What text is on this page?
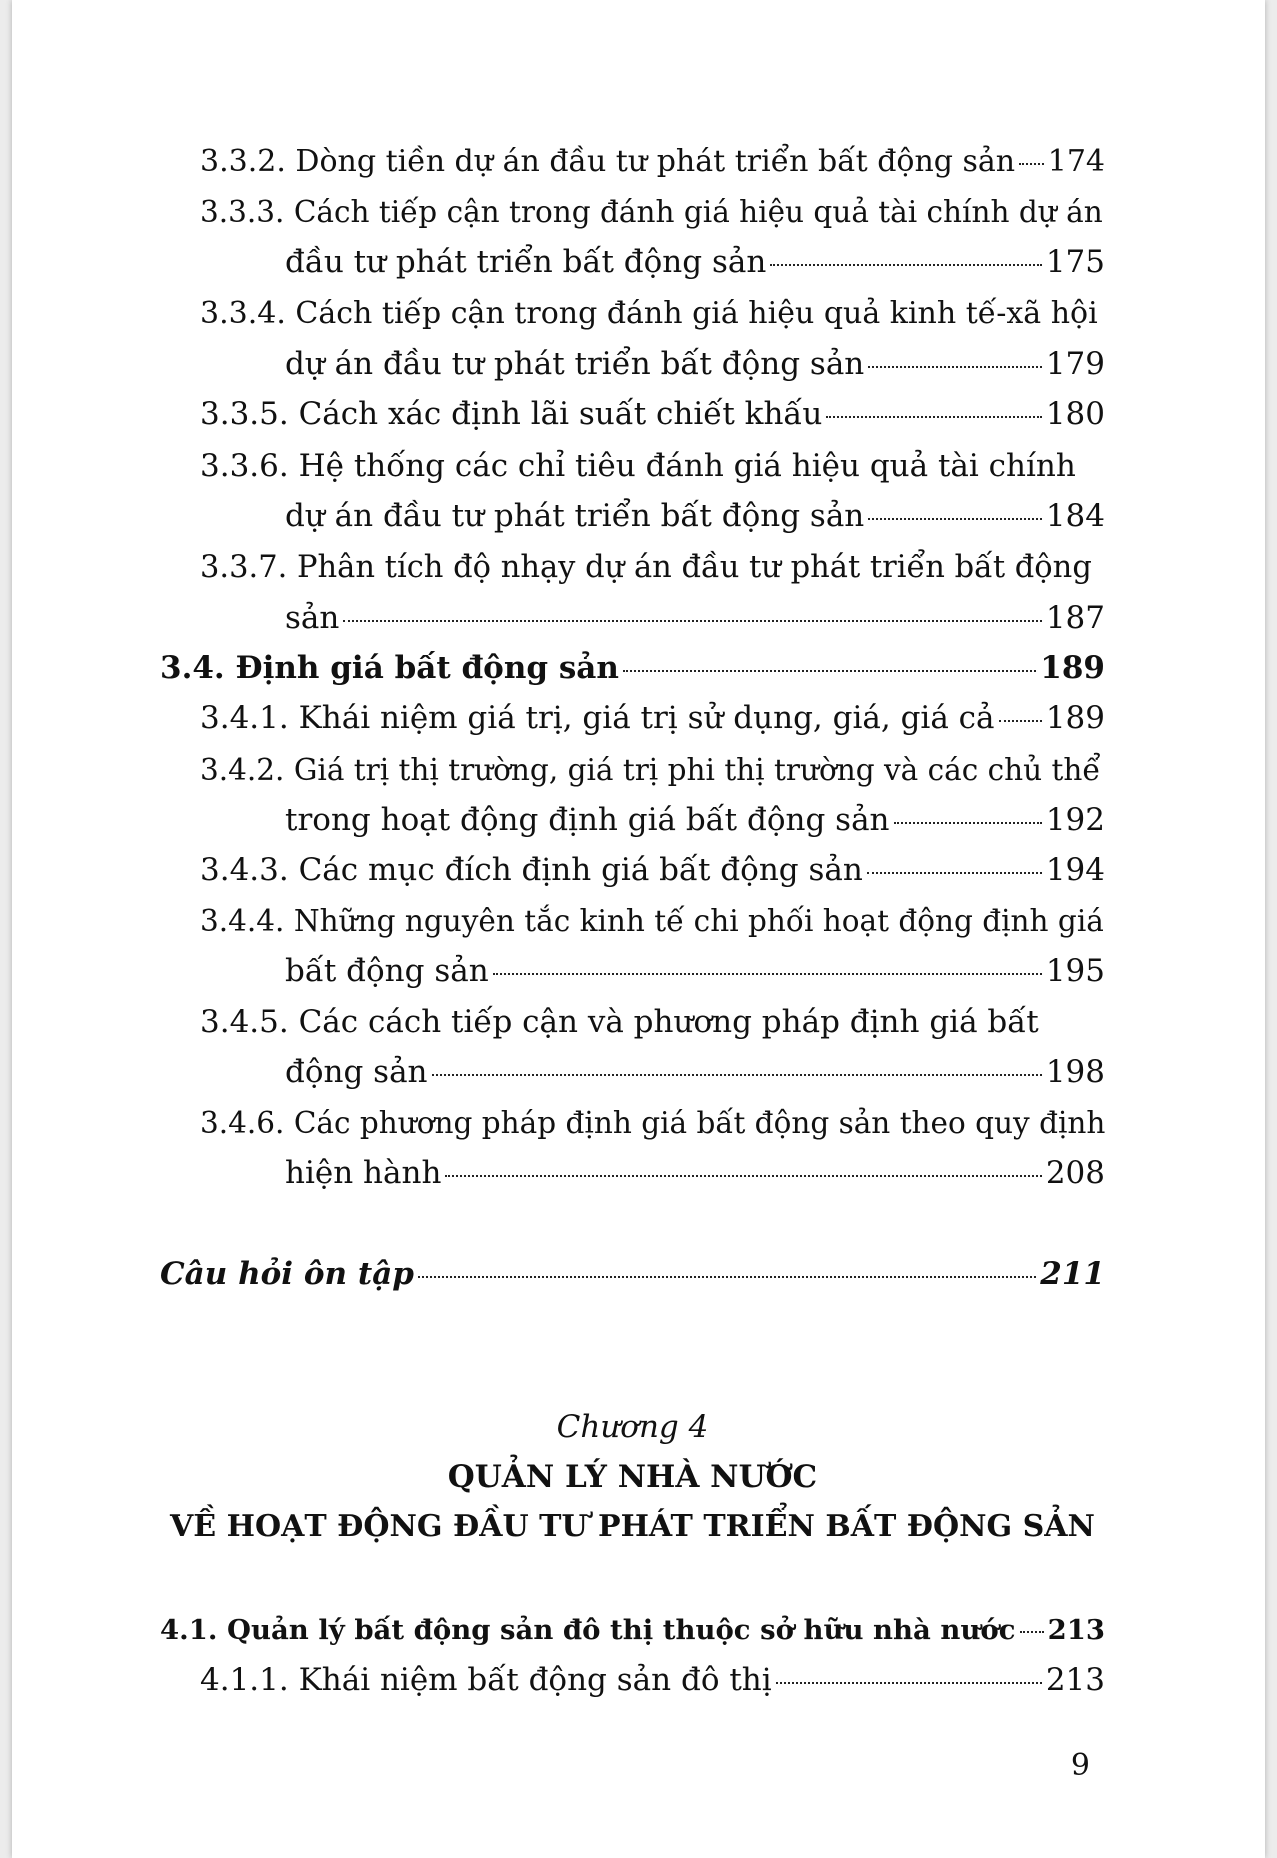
3.3.2. Dòng tiền dự án đầu tư phát triển bất động sản 174
3.3.3. Cách tiếp cận trong đánh giá hiệu quả tài chính dự án
đầu tư phát triển bất động sản	175
3.3.4. Cách tiếp cận trong đánh giá hiệu quả kinh tế-xã hội
dự án đầu tư phát triển bất động sản	179
3.3.5. Cách xác định lãi suất chiết khấu	180
3.3.6. Hệ thống các chỉ tiêu đánh giá hiệu quả tài chính
dự án đầu tư phát triển bất động sản	184
3.3.7. Phân tích độ nhạy dự án đầu tư phát triển bất động
sản	187
3.4. Định giá bất động sản	189
3.4.1. Khái niệm giá trị, giá trị sử dụng, giá, giá cả 189
3.4.2. Giá trị thị trường, giá trị phi thị trường và các chủ thể
trong hoạt động định giá bất động sản	192
3.4.3. Các mục đích định giá bất động sản	194
3.4.4. Những nguyên tắc kinh tế chi phối hoạt động định giá
bất động sản	195
3.4.5. Các cách tiếp cận và phương pháp định giá bất
động sản	198
3.4.6. Các phương pháp định giá bất động sản theo quy định
hiện hành	208
Câu hỏi ôn tập	211
Chương 4
QUẢN LÝ NHÀ NƯỚC
VỀ HOẠT ĐỘNG ĐẦU TƯ PHÁT TRIỂN BẤT ĐỘNG SẢN
4.1. Quản lý bất động sản đô thị thuộc sở hữu nhà nước 213
4.1.1. Khái niệm bất động sản đô thị	213
9
